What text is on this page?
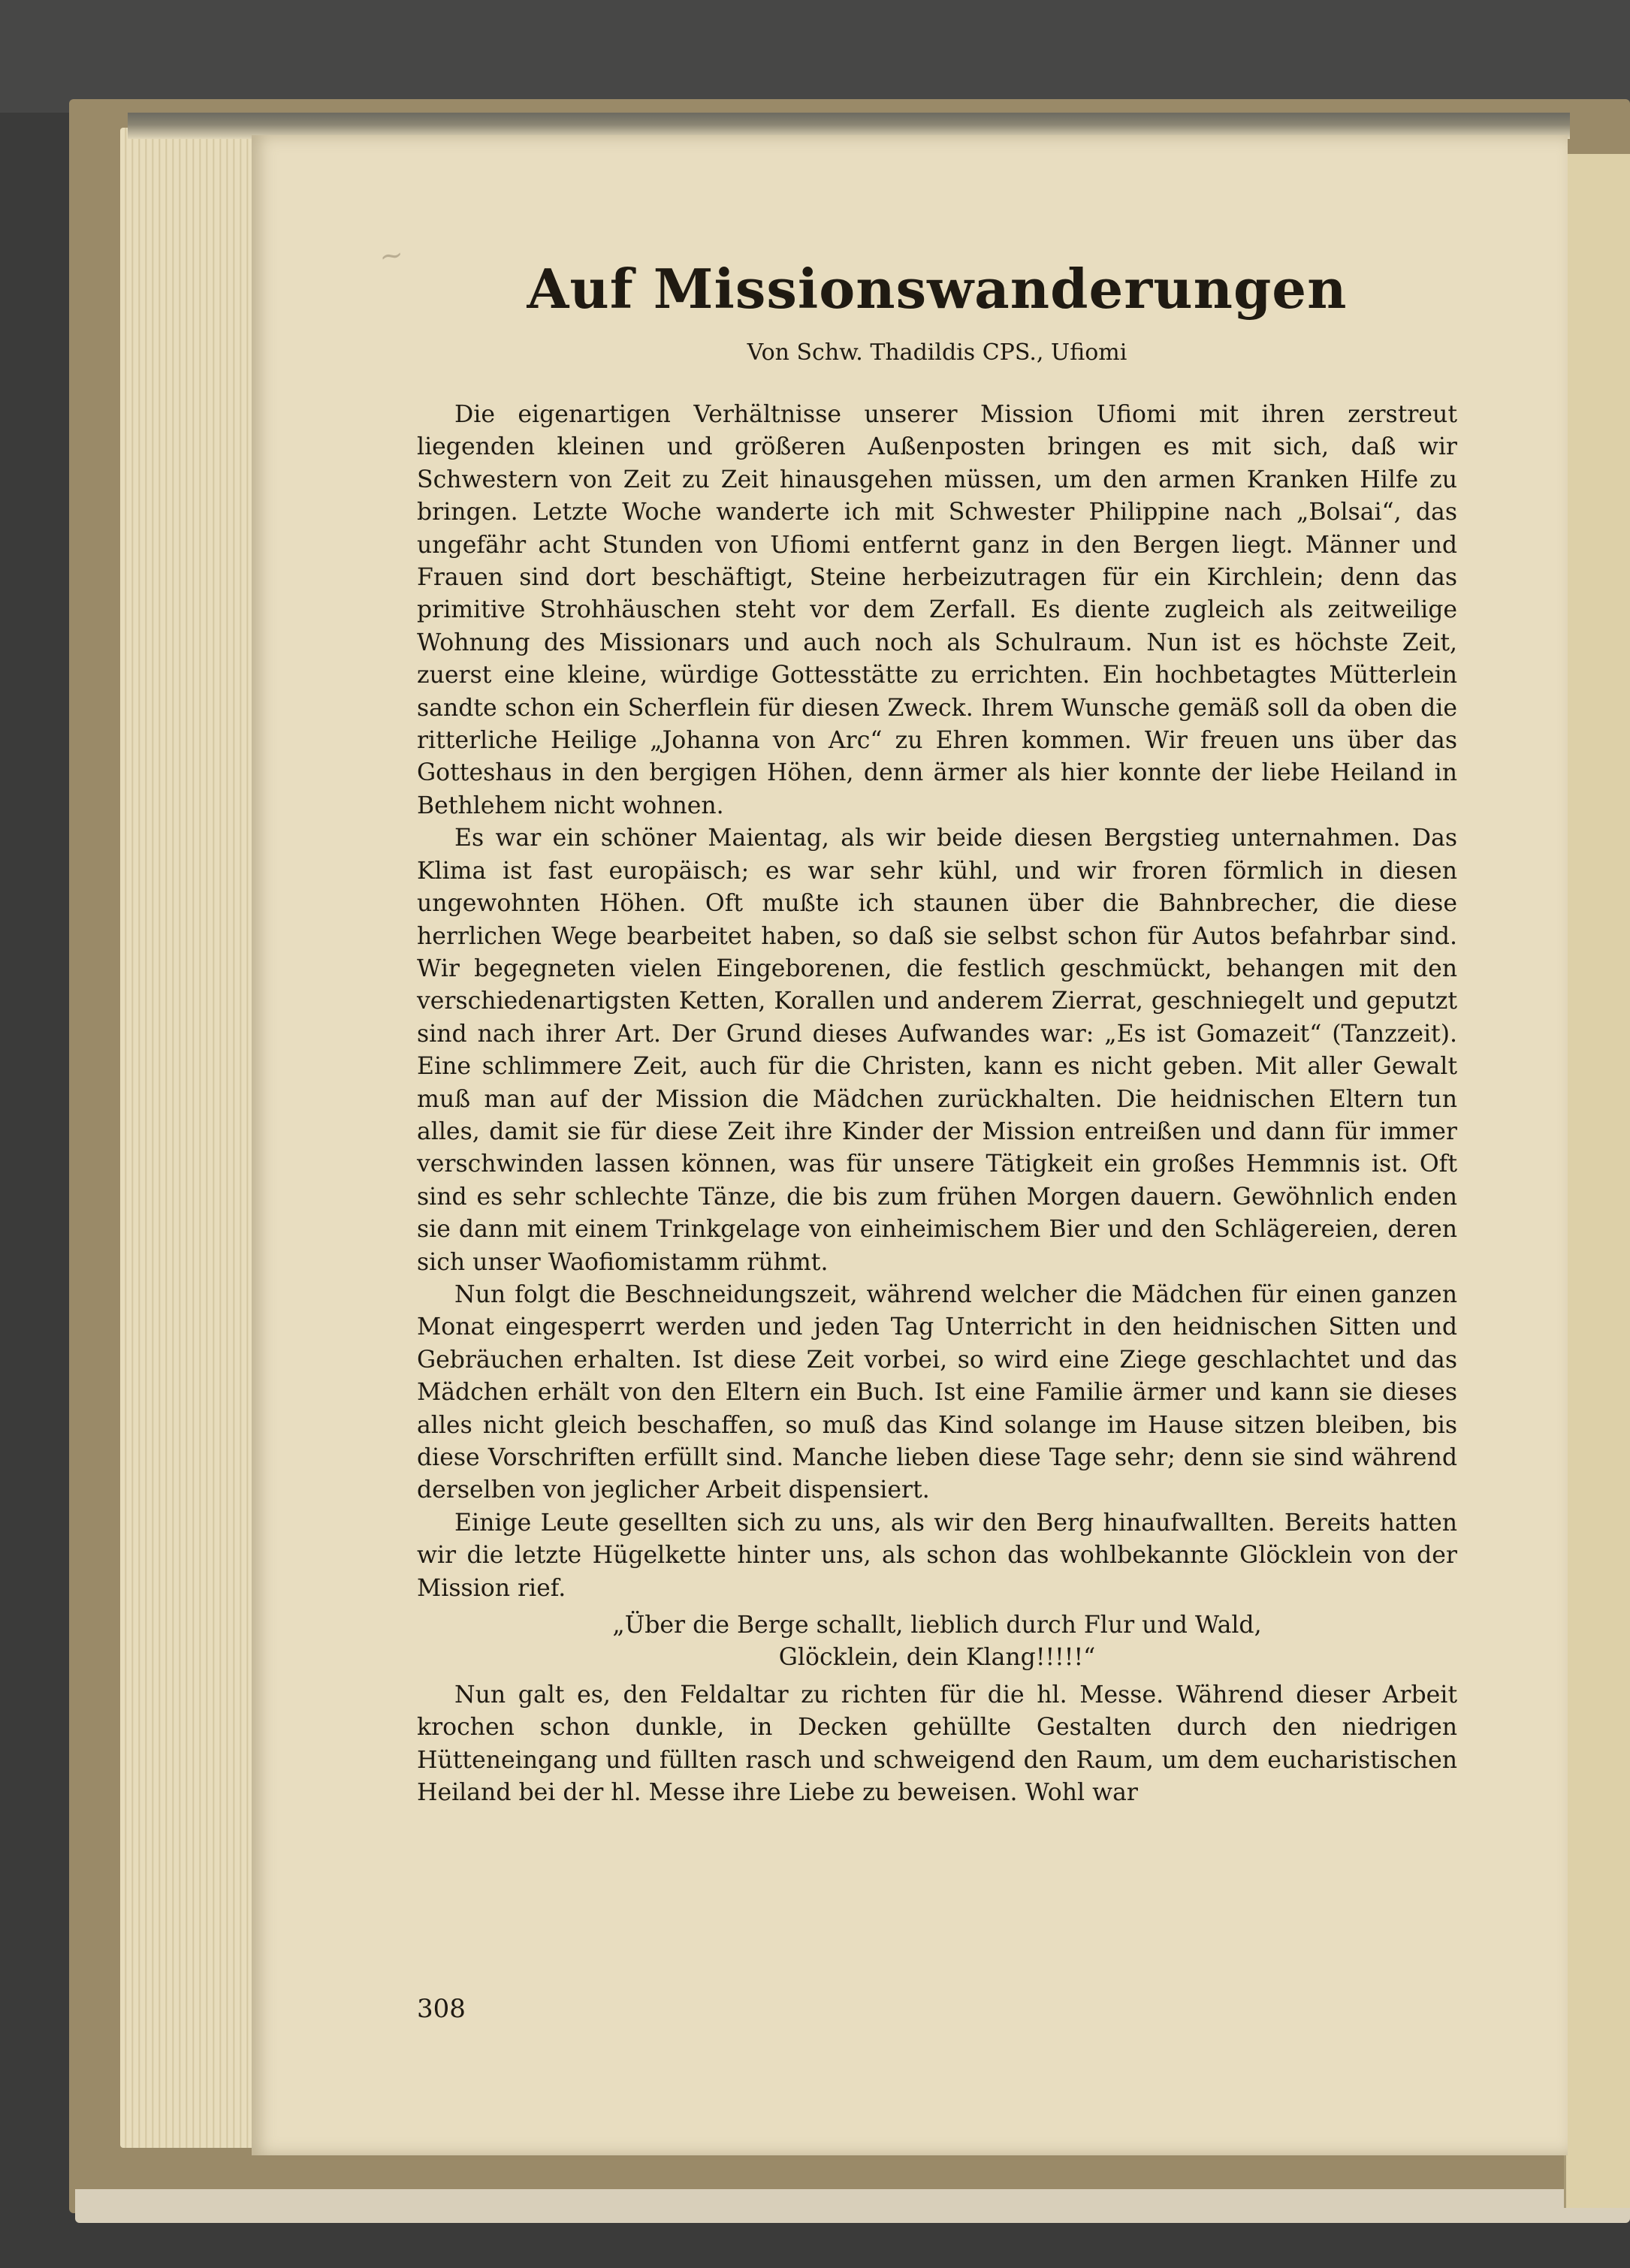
~
Auf Missionswanderungen
Von Schw. Thadildis CPS., Ufiomi

Die eigenartigen Verhältnisse unserer Mission Ufiomi mit ihren zerstreut liegenden kleinen und größeren Außenposten bringen es mit sich, daß wir Schwestern von Zeit zu Zeit hinausgehen müssen, um den armen Kranken Hilfe zu bringen. Letzte Woche wanderte ich mit Schwester Philippine nach „Bolsai“, das ungefähr acht Stunden von Ufiomi entfernt ganz in den Bergen liegt. Männer und Frauen sind dort beschäftigt, Steine herbeizutragen für ein Kirchlein; denn das primitive Strohhäuschen steht vor dem Zerfall. Es diente zugleich als zeitweilige Wohnung des Missionars und auch noch als Schulraum. Nun ist es höchste Zeit, zuerst eine kleine, würdige Gottesstätte zu errichten. Ein hochbetagtes Mütterlein sandte schon ein Scherflein für diesen Zweck. Ihrem Wunsche gemäß soll da oben die ritterliche Heilige „Johanna von Arc“ zu Ehren kommen. Wir freuen uns über das Gotteshaus in den bergigen Höhen, denn ärmer als hier konnte der liebe Heiland in Bethlehem nicht wohnen.

Es war ein schöner Maientag, als wir beide diesen Bergstieg unternahmen. Das Klima ist fast europäisch; es war sehr kühl, und wir froren förmlich in diesen ungewohnten Höhen. Oft mußte ich staunen über die Bahnbrecher, die diese herrlichen Wege bearbeitet haben, so daß sie selbst schon für Autos befahrbar sind. Wir begegneten vielen Eingeborenen, die festlich geschmückt, behangen mit den verschiedenartigsten Ketten, Korallen und anderem Zierrat, geschniegelt und geputzt sind nach ihrer Art. Der Grund dieses Aufwandes war: „Es ist Gomazeit“ (Tanzzeit). Eine schlimmere Zeit, auch für die Christen, kann es nicht geben. Mit aller Gewalt muß man auf der Mission die Mädchen zurückhalten. Die heidnischen Eltern tun alles, damit sie für diese Zeit ihre Kinder der Mission entreißen und dann für immer verschwinden lassen können, was für unsere Tätigkeit ein großes Hemmnis ist. Oft sind es sehr schlechte Tänze, die bis zum frühen Morgen dauern. Gewöhnlich enden sie dann mit einem Trinkgelage von einheimischem Bier und den Schlägereien, deren sich unser Waofiomistamm rühmt.

Nun folgt die Beschneidungszeit, während welcher die Mädchen für einen ganzen Monat eingesperrt werden und jeden Tag Unterricht in den heidnischen Sitten und Gebräuchen erhalten. Ist diese Zeit vorbei, so wird eine Ziege geschlachtet und das Mädchen erhält von den Eltern ein Buch. Ist eine Familie ärmer und kann sie dieses alles nicht gleich beschaffen, so muß das Kind solange im Hause sitzen bleiben, bis diese Vorschriften erfüllt sind. Manche lieben diese Tage sehr; denn sie sind während derselben von jeglicher Arbeit dispensiert.

Einige Leute gesellten sich zu uns, als wir den Berg hinaufwallten. Bereits hatten wir die letzte Hügelkette hinter uns, als schon das wohlbekannte Glöcklein von der Mission rief.

„Über die Berge schallt, lieblich durch Flur und Wald,
Glöcklein, dein Klang!!!!!“

Nun galt es, den Feldaltar zu richten für die hl. Messe. Während dieser Arbeit krochen schon dunkle, in Decken gehüllte Gestalten durch den niedrigen Hütteneingang und füllten rasch und schweigend den Raum, um dem eucharistischen Heiland bei der hl. Messe ihre Liebe zu beweisen. Wohl war

308
